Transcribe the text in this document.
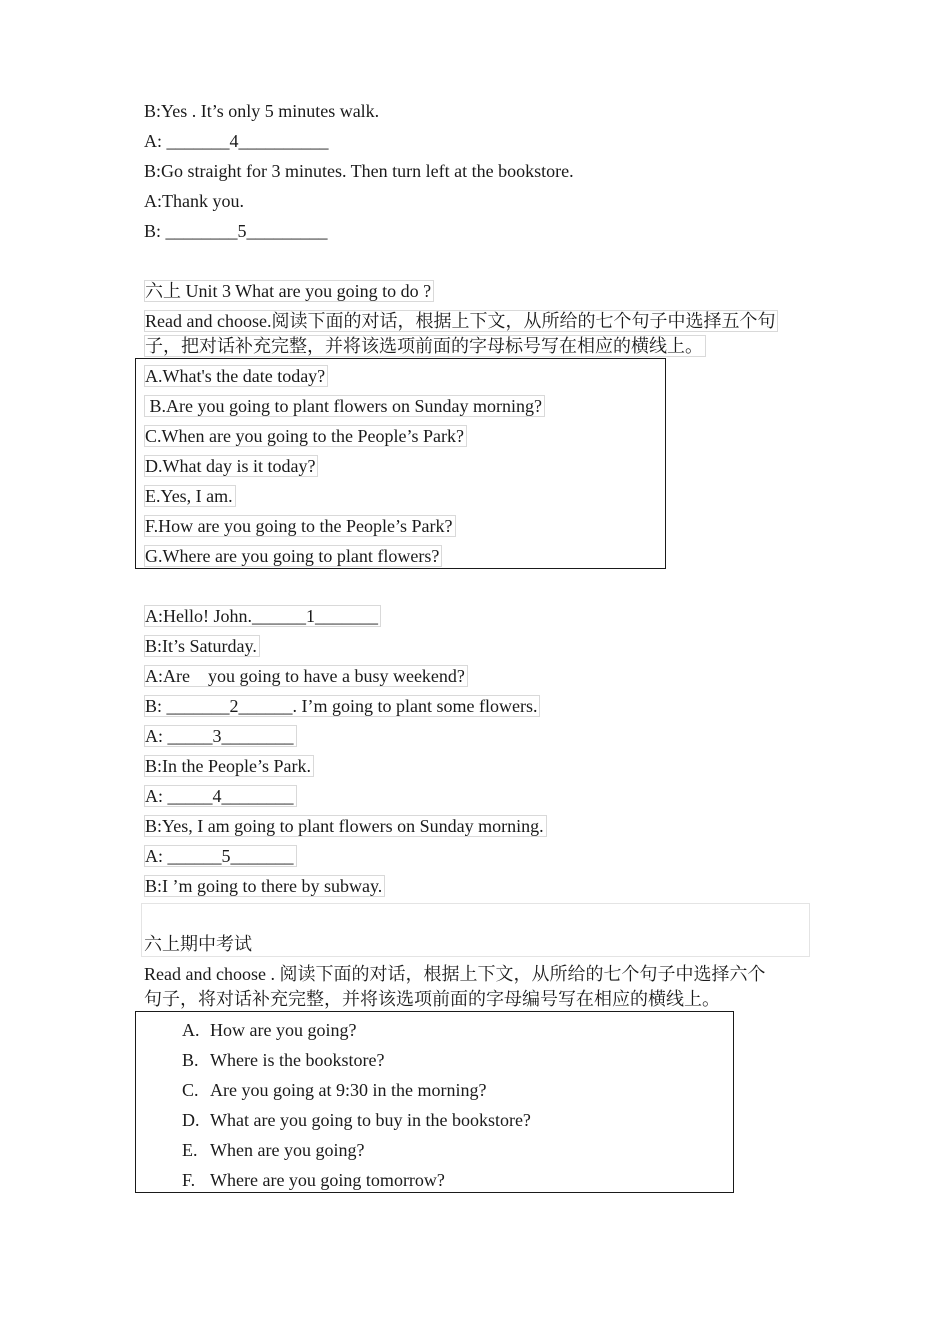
B:Yes . It’s only 5 minutes walk.
A: _______4__________
B:Go straight for 3 minutes. Then turn left at the bookstore.
A:Thank you.
B: ________5_________
六上 Unit 3 What are you going to do ?
Read and choose.阅读下面的对话，根据上下文，从所给的七个句子中选择五个句
子，把对话补充完整，并将该选项前面的字母标号写在相应的横线上。
A.What's the date today?
B.Are you going to plant flowers on Sunday morning?
C.When are you going to the People’s Park?
D.What day is it today?
E.Yes, I am.
F.How are you going to the People’s Park?
G.Where are you going to plant flowers?
A:Hello! John.______1_______
B:It’s Saturday.
A:Are    you going to have a busy weekend?
B: _______2______. I’m going to plant some flowers.
A: _____3________
B:In the People’s Park.
A: _____4________
B:Yes, I am going to plant flowers on Sunday morning.
A: ______5_______
B:I ’m going to there by subway.
六上期中考试
Read and choose . 阅读下面的对话，根据上下文，从所给的七个句子中选择六个
句子，将对话补充完整，并将该选项前面的字母编号写在相应的横线上。
A. How are you going?
B. Where is the bookstore?
C. Are you going at 9:30 in the morning?
D. What are you going to buy in the bookstore?
E. When are you going?
F. Where are you going tomorrow?
